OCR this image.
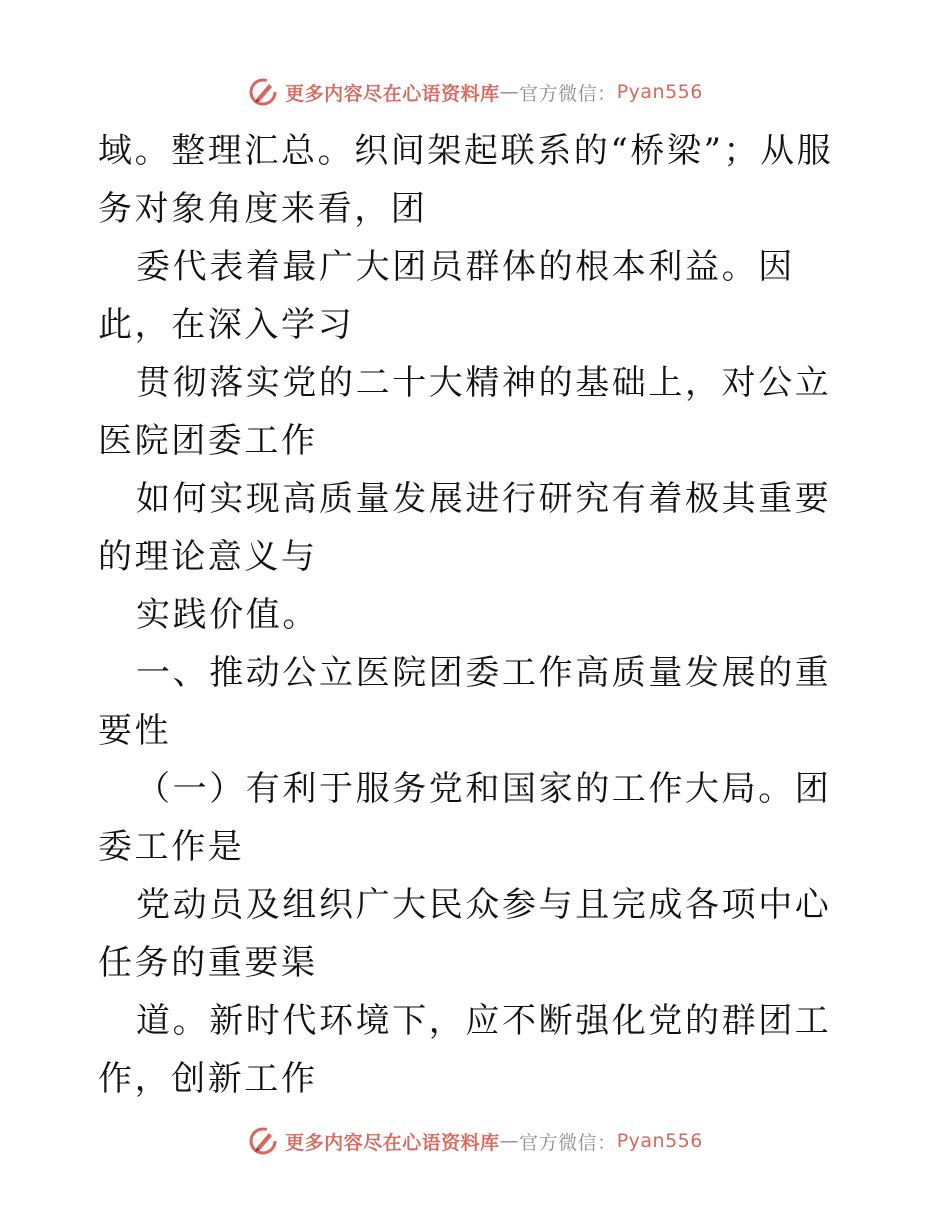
更多内容尽在心语资料库 — 官方微信： Pyan556

域。整理汇总。织间架起联系的“桥梁”；从服务对象角度来看，团

委代表着最广大团员群体的根本利益。因此，在深入学习

贯彻落实党的二十大精神的基础上，对公立医院团委工作

如何实现高质量发展进行研究有着极其重要的理论意义与

实践价值。

一、推动公立医院团委工作高质量发展的重要性

（一）有利于服务党和国家的工作大局。团委工作是

党动员及组织广大民众参与且完成各项中心任务的重要渠

道。新时代环境下，应不断强化党的群团工作，创新工作

更多内容尽在心语资料库 — 官方微信： Pyan556
